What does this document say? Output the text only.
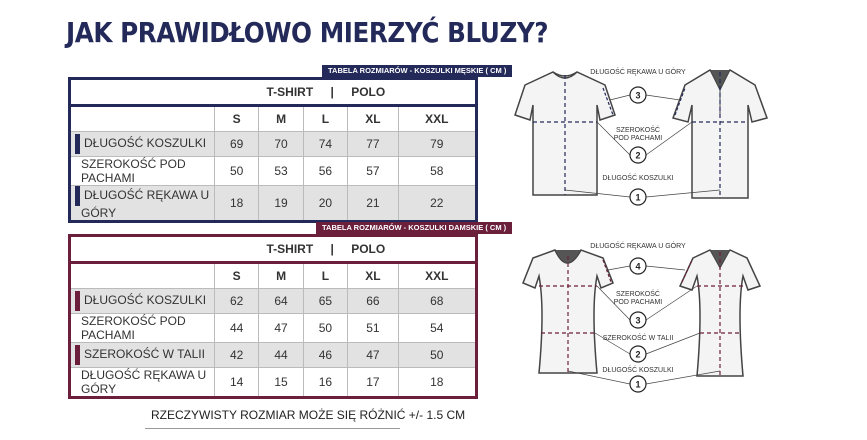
JAK PRAWIDŁOWO MIERZYĆ BLUZY?
TABELA ROZMIARÓW - KOSZULKI MĘSKIE ( CM )
	T-SHIRT | POLO				
	S	M	L	XL	XXL
DŁUGOŚĆ KOSZULKI	69	70	74	77	79
SZEROKOŚĆ POD PACHAMI	50	53	56	57	58
DŁUGOŚĆ RĘKAWA U GÓRY	18	19	20	21	22
TABELA ROZMIARÓW - KOSZULKI DAMSKIE ( CM )
	T-SHIRT | POLO				
	S	M	L	XL	XXL
DŁUGOŚĆ KOSZULKI	62	64	65	66	68
SZEROKOŚĆ POD PACHAMI	44	47	50	51	54
SZEROKOŚĆ W TALII	42	44	46	47	50
DŁUGOŚĆ RĘKAWA U GÓRY	14	15	16	17	18
RZECZYWISTY ROZMIAR MOŻE SIĘ RÓŻNIĆ +/- 1.5 CM
DŁUGOŚĆ RĘKAWA U GÓRY
SZEROKOŚĆ
POD PACHAMI
DŁUGOŚĆ KOSZULKI
3
2
1
DŁUGOŚĆ RĘKAWA U GÓRY
SZEROKOŚĆ
POD PACHAMI
SZEROKOŚĆ W TALII
DŁUGOŚĆ KOSZULKI
4
3
2
1
